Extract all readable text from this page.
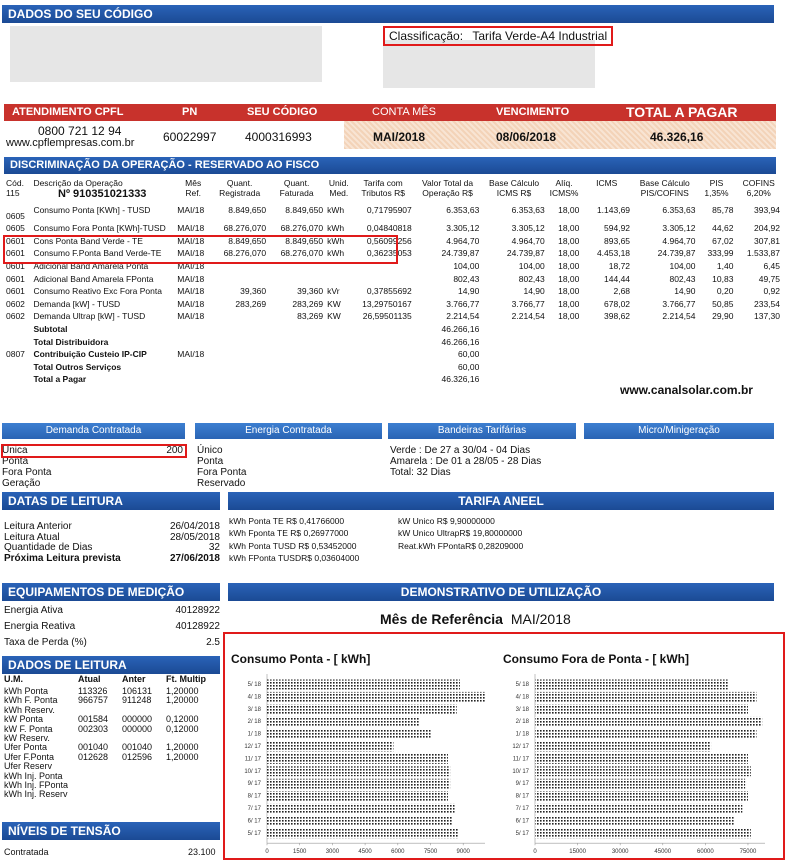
DADOS DO SEU CÓDIGO
Classificação: Tarifa Verde-A4 Industrial
ATENDIMENTO CPFL	PN	SEU CÓDIGO	CONTA MÊS	VENCIMENTO	TOTAL A PAGAR
0800 721 12 94
www.cpflempresas.com.br 60022997 4000316993	MAI/2018	08/06/2018	46.326,16
DISCRIMINAÇÃO DA OPERAÇÃO - RESERVADO AO FISCO
Cód. 115	Descrição da Operação	Mês Ref.	Quant. Registrada	Quant. Faturada	Unid. Med.	Tarifa com Tributos R$	Valor Total da Operação R$	Base Cálculo ICMS R$	Alíq. ICMS%	ICMS	Base Cálculo PIS/COFINS	PIS 1,35%	COFINS 6,20%
0605	Consumo Ponta [KWh] - TUSD	MAI/18	8.849,650	8.849,650	kWh	0,71795907	6.353,63	6.353,63	18,00	1.143,69	6.353,63	85,78	393,94
0605	Consumo Fora Ponta [KWh]-TUSD	MAI/18	68.276,070	68.276,070	kWh	0,04840818	3.305,12	3.305,12	18,00	594,92	3.305,12	44,62	204,92
0601	Cons Ponta Band Verde - TE	MAI/18	8.849,650	8.849,650	kWh	0,56099256	4.964,70	4.964,70	18,00	893,65	4.964,70	67,02	307,81
0601	Consumo F.Ponta Band Verde-TE	MAI/18	68.276,070	68.276,070	kWh	0,36235053	24.739,87	24.739,87	18,00	4.453,18	24.739,87	333,99	1.533,87
0601	Adicional Band Amarela Ponta	MAI/18					104,00	104,00	18,00	18,72	104,00	1,40	6,45
0601	Adicional Band Amarela FPonta	MAI/18					802,43	802,43	18,00	144,44	802,43	10,83	49,75
0601	Consumo Reativo Exc Fora Ponta	MAI/18	39,360	39,360	kVr	0,37855692	14,90	14,90	18,00	2,68	14,90	0,20	0,92
0602	Demanda [kW] - TUSD	MAI/18	283,269	283,269	KW	13,29750167	3.766,77	3.766,77	18,00	678,02	3.766,77	50,85	233,54
0602	Demanda Ultrap [kW] - TUSD	MAI/18		83,269	KW	26,59501135	2.214,54	2.214,54	18,00	398,62	2.214,54	29,90	137,30
	Subtotal						46.266,16						
	Total Distribuidora						46.266,16						
0807	Contribuição Custeio IP-CIP	MAI/18					60,00						
	Total Outros Serviços						60,00						
	Total a Pagar						46.326,16						
Nº 910351021333
www.canalsolar.com.br
Demanda Contratada	Energia Contratada	Bandeiras Tarifárias	Micro/Minigeração
Única	200
Ponta
Fora Ponta
Geração
Único
Ponta
Fora Ponta
Reservado
Verde : De 27 a 30/04 - 04 Dias
Amarela : De 01 a 28/05 - 28 Dias
Total: 32 Dias
DATAS DE LEITURA
Leitura Anterior	26/04/2018
Leitura Atual	28/05/2018
Quantidade de Dias	32
Próxima Leitura prevista	27/06/2018
TARIFA ANEEL
kWh Ponta TE R$ 0,41766000
kWh Fponta TE R$ 0,26977000
kWh Ponta TUSD R$ 0,53452000
kWh FPonta TUSDR$ 0,03604000
kW Unico R$ 9,90000000
kW Unico UltrapR$ 19,80000000
Reat.kWh FPontaR$ 0,28209000
EQUIPAMENTOS DE MEDIÇÃO
Energia Ativa	40128922
Energia Reativa	40128922
Taxa de Perda (%)	2.5
DEMONSTRATIVO DE UTILIZAÇÃO
Mês de Referência MAI/2018
Consumo Ponta - [ kWh]	Consumo Fora de Ponta - [ kWh]
5/ 18
4/ 18
3/ 18
2/ 18
1/ 18
12/ 17
11/ 17
10/ 17
9/ 17
8/ 17
7/ 17
6/ 17
5/ 17
0	1500	3000	4500	6000	7500	9000
5/ 18
4/ 18
3/ 18
2/ 18
1/ 18
12/ 17
11/ 17
10/ 17
9/ 17
8/ 17
7/ 17
6/ 17
5/ 17
0	15000	30000	45000	60000	75000
DADOS DE LEITURA
U.M.	Atual Anter Ft. Multip
kWh Ponta	113326 106131 1,20000
kWh F. Ponta 966757 911248 1,20000
kWh Reserv.
kW Ponta	001584 000000 0,12000
kW F. Ponta	002303 000000 0,12000
kW Reserv.
Ufer Ponta	001040 001040 1,20000
Ufer F.Ponta	012628 012596 1,20000
Ufer Reserv
kWh Inj. Ponta
kWh Inj. FPonta
kWh Inj. Reserv
NÍVEIS DE TENSÃO
Contratada	23.100
